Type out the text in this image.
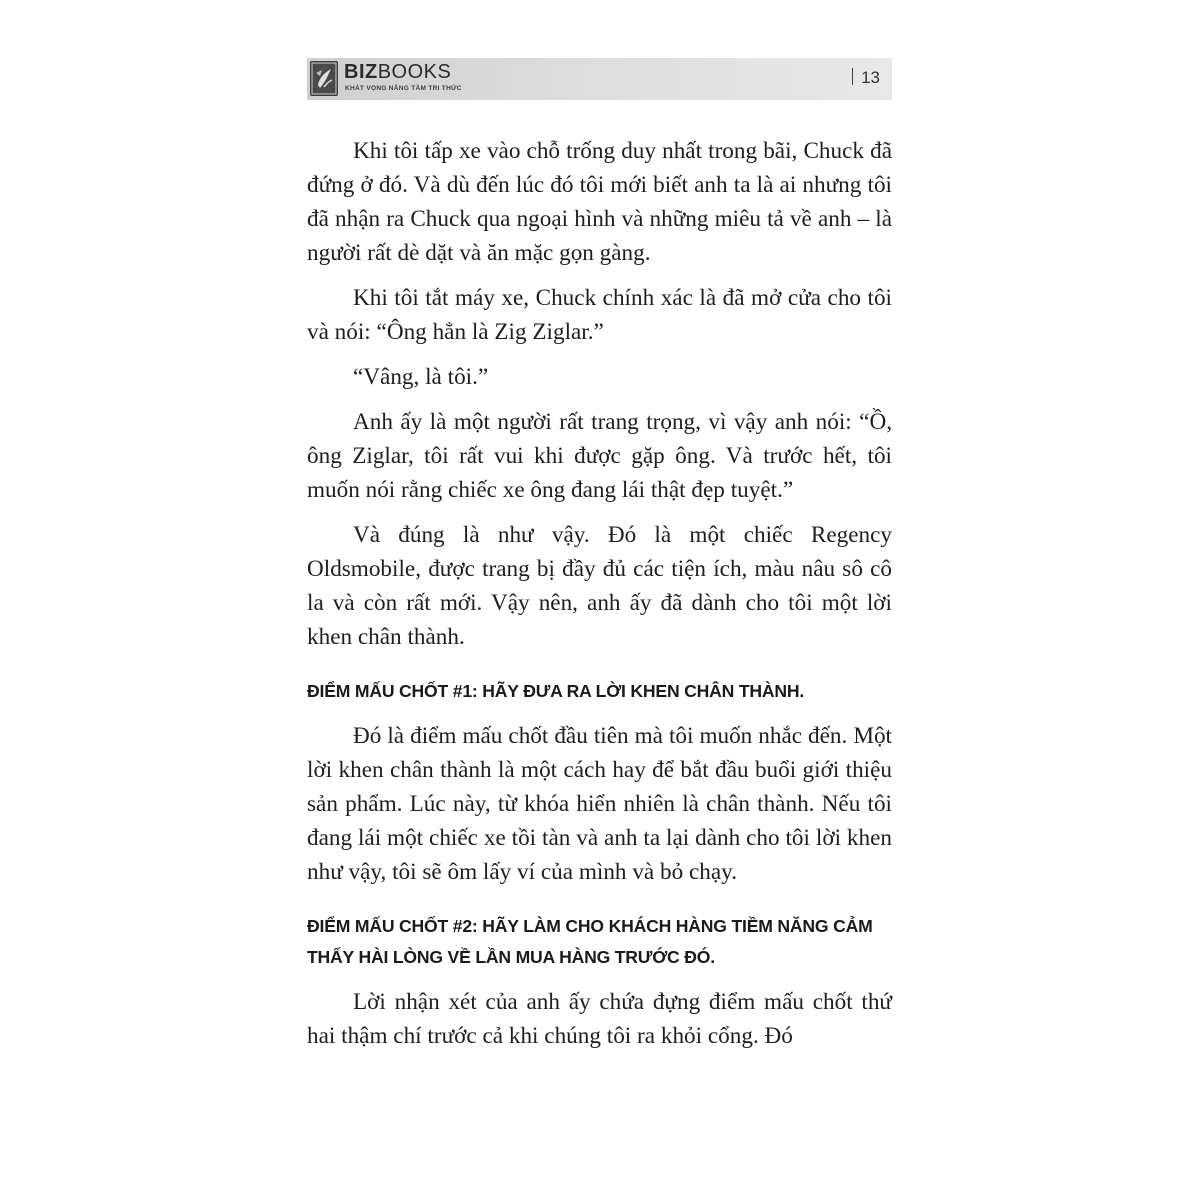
BIZBOOKS
KHÁT VỌNG NÂNG TẦM TRI THỨC
13

Khi tôi tấp xe vào chỗ trống duy nhất trong bãi, Chuck đã đứng ở đó. Và dù đến lúc đó tôi mới biết anh ta là ai nhưng tôi đã nhận ra Chuck qua ngoại hình và những miêu tả về anh – là người rất dè dặt và ăn mặc gọn gàng.

Khi tôi tắt máy xe, Chuck chính xác là đã mở cửa cho tôi và nói: “Ông hẳn là Zig Ziglar.”

“Vâng, là tôi.”

Anh ấy là một người rất trang trọng, vì vậy anh nói: “Ồ, ông Ziglar, tôi rất vui khi được gặp ông. Và trước hết, tôi muốn nói rằng chiếc xe ông đang lái thật đẹp tuyệt.”

Và đúng là như vậy. Đó là một chiếc Regency Oldsmobile, được trang bị đầy đủ các tiện ích, màu nâu sô cô la và còn rất mới. Vậy nên, anh ấy đã dành cho tôi một lời khen chân thành.

ĐIỂM MẤU CHỐT #1: HÃY ĐƯA RA LỜI KHEN CHÂN THÀNH.

Đó là điểm mấu chốt đầu tiên mà tôi muốn nhắc đến. Một lời khen chân thành là một cách hay để bắt đầu buổi giới thiệu sản phẩm. Lúc này, từ khóa hiển nhiên là chân thành. Nếu tôi đang lái một chiếc xe tồi tàn và anh ta lại dành cho tôi lời khen như vậy, tôi sẽ ôm lấy ví của mình và bỏ chạy.

ĐIỂM MẤU CHỐT #2: HÃY LÀM CHO KHÁCH HÀNG TIỀM NĂNG CẢM THẤY HÀI LÒNG VỀ LẦN MUA HÀNG TRƯỚC ĐÓ.

Lời nhận xét của anh ấy chứa đựng điểm mấu chốt thứ hai thậm chí trước cả khi chúng tôi ra khỏi cổng. Đó
